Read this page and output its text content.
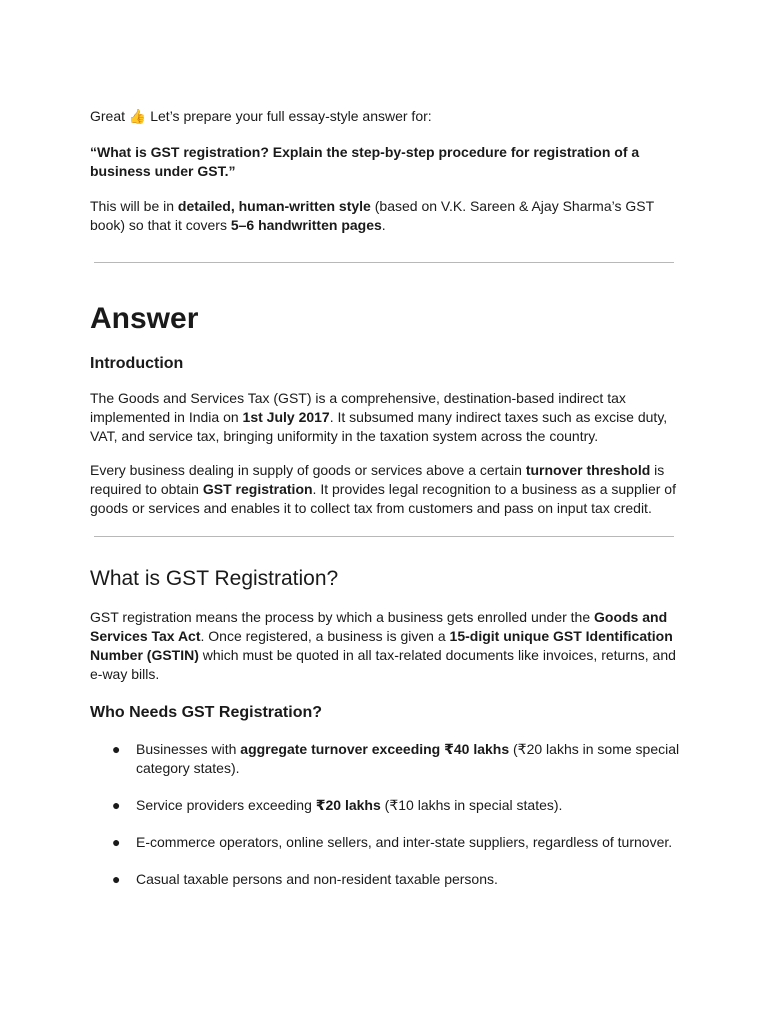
Great 👍 Let’s prepare your full essay-style answer for:

“What is GST registration? Explain the step-by-step procedure for registration of a business under GST.”

This will be in detailed, human-written style (based on V.K. Sareen & Ajay Sharma’s GST book) so that it covers 5–6 handwritten pages.

Answer
Introduction

The Goods and Services Tax (GST) is a comprehensive, destination-based indirect tax implemented in India on 1st July 2017. It subsumed many indirect taxes such as excise duty, VAT, and service tax, bringing uniformity in the taxation system across the country.

Every business dealing in supply of goods or services above a certain turnover threshold is required to obtain GST registration. It provides legal recognition to a business as a supplier of goods or services and enables it to collect tax from customers and pass on input tax credit.

What is GST Registration?

GST registration means the process by which a business gets enrolled under the Goods and Services Tax Act. Once registered, a business is given a 15-digit unique GST Identification Number (GSTIN) which must be quoted in all tax-related documents like invoices, returns, and e-way bills.

Who Needs GST Registration?
● Businesses with aggregate turnover exceeding ₹40 lakhs (₹20 lakhs in some special category states).
● Service providers exceeding ₹20 lakhs (₹10 lakhs in special states).
● E-commerce operators, online sellers, and inter-state suppliers, regardless of turnover.
● Casual taxable persons and non-resident taxable persons.
